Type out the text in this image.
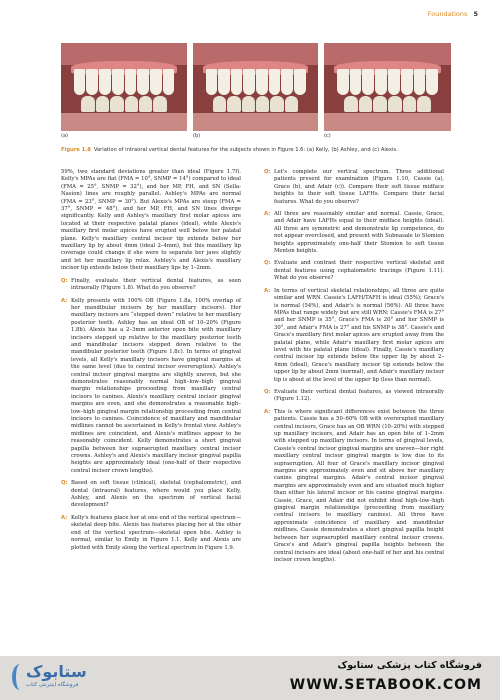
Foundations 5
(a)	(b)	(c)
Figure 1.8 Variation of intraoral vertical dental features for the subjects shown in Figure 1.6: (a) Kelly, (b) Ashley, and (c) Alexis.

59%, two standard deviations greater than ideal (Figure 1.7f). Kelly's MPAs are flat (FMA = 10°, SNMP = 14°) compared to ideal (FMA = 25°, SNMP = 32°), and her MP, FH, and SN (Sella-Nasion) lines are roughly parallel. Ashley's MPAs are normal (FMA = 23°, SNMP = 30°). But Alexis's MPAs are steep (FMA = 37°, SNMP = 48°), and her MP, FH, and SN lines diverge significantly. Kelly and Ashley's maxillary first molar apices are located at their respective palatal planes (ideal), while Alexis's maxillary first molar apices have erupted well below her palatal plane. Kelly's maxillary central incisor tip extends below her maxillary lip by about 4mm (ideal 2–4mm), but this maxillary lip coverage could change if she were to separate her jaws slightly and let her maxillary lip relax. Ashley's and Alexis's maxillary incisor tip extends below their maxillary lips by 1–2mm.

Q: Finally, evaluate their vertical dental features, as seen intraorally (Figure 1.8). What do you observe?

A: Kelly presents with 100% OB (Figure 1.8a, 100% overlap of her mandibular incisors by her maxillary incisors). Her maxillary incisors are “stepped down” relative to her maxillary posterior teeth. Ashley has an ideal OB of 10–20% (Figure 1.8b). Alexis has a 2–3mm anterior open bite with maxillary incisors stepped up relative to the maxillary posterior teeth and mandibular incisors stepped down relative to the mandibular posterior teeth (Figure 1.8c). In terms of gingival levels, all Kelly's maxillary incisors have gingival margins at the same level (due to central incisor overeruption). Ashley's central incisor gingival margins are slightly uneven, but she demonstrates reasonably normal high–low–high gingival margin relationships proceeding from maxillary central incisors to canines. Alexis's maxillary central incisor gingival margins are even, and she demonstrates a reasonable high–low–high gingival margin relationship proceeding from central incisors to canines. Coincidence of maxillary and mandibular midlines cannot be ascertained in Kelly's frontal view. Ashley's midlines are coincident, and Alexis's midlines appear to be reasonably coincident. Kelly demonstrates a short gingival papilla between her supraerupted maxillary central incisor crowns. Ashley's and Alexis's maxillary incisor gingival papilla heights are approximately ideal (one-half of their respective central incisor crown lengths).

Q: Based on soft tissue (clinical), skeletal (cephalometric), and dental (intraoral) features, where would you place Kelly, Ashley, and Alexis on the spectrum of vertical facial development?

A: Kelly's features place her at one end of the vertical spectrum—skeletal deep bite. Alexis has features placing her at the other end of the vertical spectrum—skeletal open bite. Ashley is normal, similar to Emily in Figure 1.1. Kelly and Alexis are plotted with Emily along the vertical spectrum in Figure 1.9.

Q: Let's complete our vertical spectrum. Three additional patients present for examination (Figure 1.10, Cassie (a), Grace (b), and Adair (c)). Compare their soft tissue midface heights to their soft tissue LAFHs. Compare their facial features. What do you observe?

A: All three are reasonably similar and normal. Cassie, Grace, and Adair have LAFHs equal to their midface heights (ideal). All three are symmetric and demonstrate lip competence, do not appear overclosed, and present with Subnasale to Stomion heights approximately one-half their Stomion to soft tissue Menton heights.

Q: Evaluate and contrast their respective vertical skeletal and dental features using cephalometric tracings (Figure 1.11). What do you observe?

A: In terms of vertical skeletal relationships, all three are quite similar and WRN. Cassie's LAFH/TAFH is ideal (55%); Grace's is normal (54%), and Adair's is normal (56%). All three have MPAs that range widely but are still WRN: Cassie's FMA is 27° and her SNMP is 35°, Grace's FMA is 20° and her SNMP is 30°, and Adair's FMA is 27° and his SNMP is 38°. Cassie's and Grace's maxillary first molar apices are erupted away from the palatal plane, while Adair's maxillary first molar apices are level with his palatal plane (ideal). Finally, Cassie's maxillary central incisor tip extends below the upper lip by about 2–4mm (ideal), Grace's maxillary incisor tip extends below the upper lip by about 2mm (normal), and Adair's maxillary incisor tip is about at the level of the upper lip (less than normal).

Q: Evaluate their vertical dental features, as viewed intraorally (Figure 1.12).

A: This is where significant differences exist between the three patients. Cassie has a 50–60% OB with overerupted maxillary central incisors, Grace has an OB WRN (10–20%) with stepped up maxillary incisors, and Adair has an open bite of 1–2mm with stepped up maxillary incisors. In terms of gingival levels, Cassie's central incisor gingival margins are uneven—her right maxillary central incisor gingival margin is low due to its supraeruption. All four of Grace's maxillary incisor gingival margins are approximately even and sit above her maxillary canine gingival margins. Adair's central incisor gingival margins are approximately even and are situated much higher than either his lateral incisor or his canine gingival margins. Cassie, Grace, and Adair did not exhibit ideal high–low–high gingival margin relationships (proceeding from maxillary central incisors to maxillary canines). All three have approximate coincidence of maxillary and mandibular midlines. Cassie demonstrates a short gingival papilla height between her supraerupted maxillary central incisor crowns. Grace's and Adair's gingival papilla heights between the central incisors are ideal (about one-half of her and his central incisor crown lengths).

ستابوک
فروشگاه اینترنتی کتاب
فروشگاه کتاب پزشکی ستابوک
WWW.SETABOOK.COM
